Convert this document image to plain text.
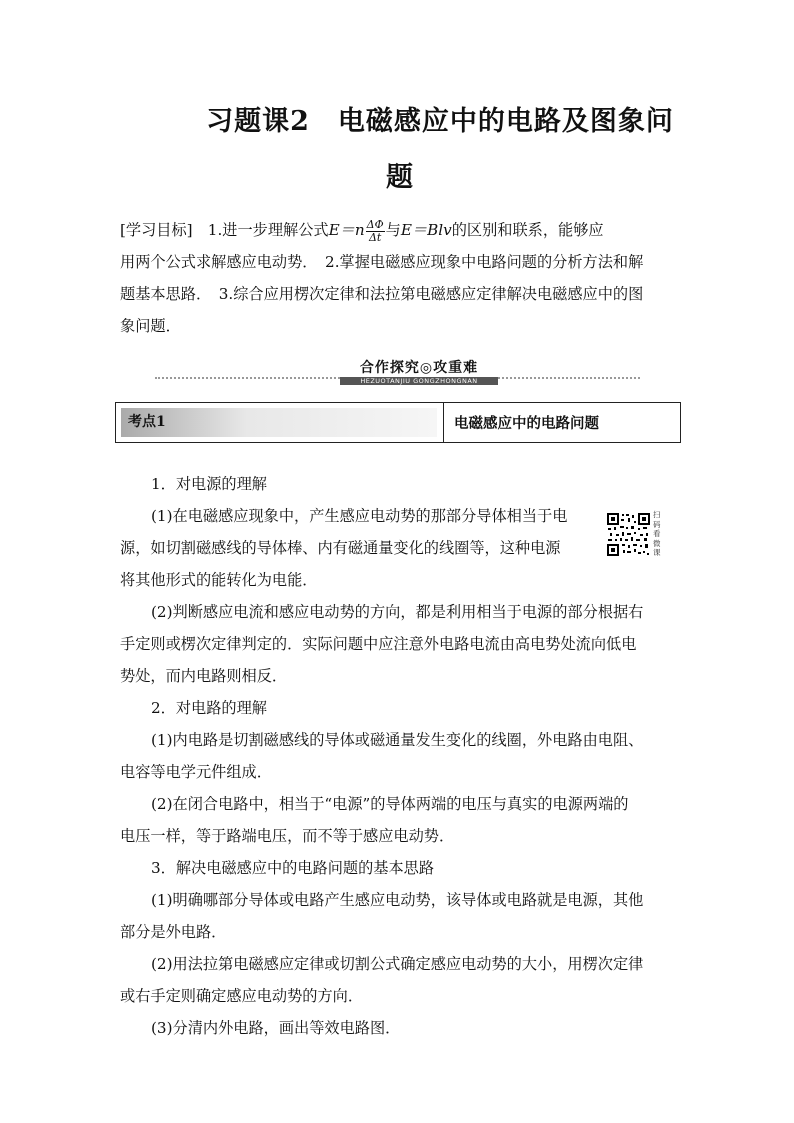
习题课2　电磁感应中的电路及图象问
题
[学习目标]　1.进一步理解公式$E=n \frac{\Delta\Phi}{\Delta t}$ 与E＝Blv的区别和联系，能够应
用两个公式求解感应电动势．　2.掌握电磁感应现象中电路问题的分析方法和解
题基本思路．　3.综合应用楞次定律和法拉第电磁感应定律解决电磁感应中的图
象问题．
合作探究◎攻重难
HEZUOTANJIU GONGZHONGNAN
考点1	电磁感应中的电路问题
扫码看微课
1．对电源的理解
(1)在电磁感应现象中，产生感应电动势的那部分导体相当于电
源，如切割磁感线的导体棒、内有磁通量变化的线圈等，这种电源
将其他形式的能转化为电能．
(2)判断感应电流和感应电动势的方向，都是利用相当于电源的部分根据右
手定则或楞次定律判定的．实际问题中应注意外电路电流由高电势处流向低电
势处，而内电路则相反．
2．对电路的理解
(1)内电路是切割磁感线的导体或磁通量发生变化的线圈，外电路由电阻、
电容等电学元件组成．
(2)在闭合电路中，相当于“电源”的导体两端的电压与真实的电源两端的
电压一样，等于路端电压，而不等于感应电动势．
3．解决电磁感应中的电路问题的基本思路
(1)明确哪部分导体或电路产生感应电动势，该导体或电路就是电源，其他
部分是外电路．
(2)用法拉第电磁感应定律或切割公式确定感应电动势的大小，用楞次定律
或右手定则确定感应电动势的方向．
(3)分清内外电路，画出等效电路图．
